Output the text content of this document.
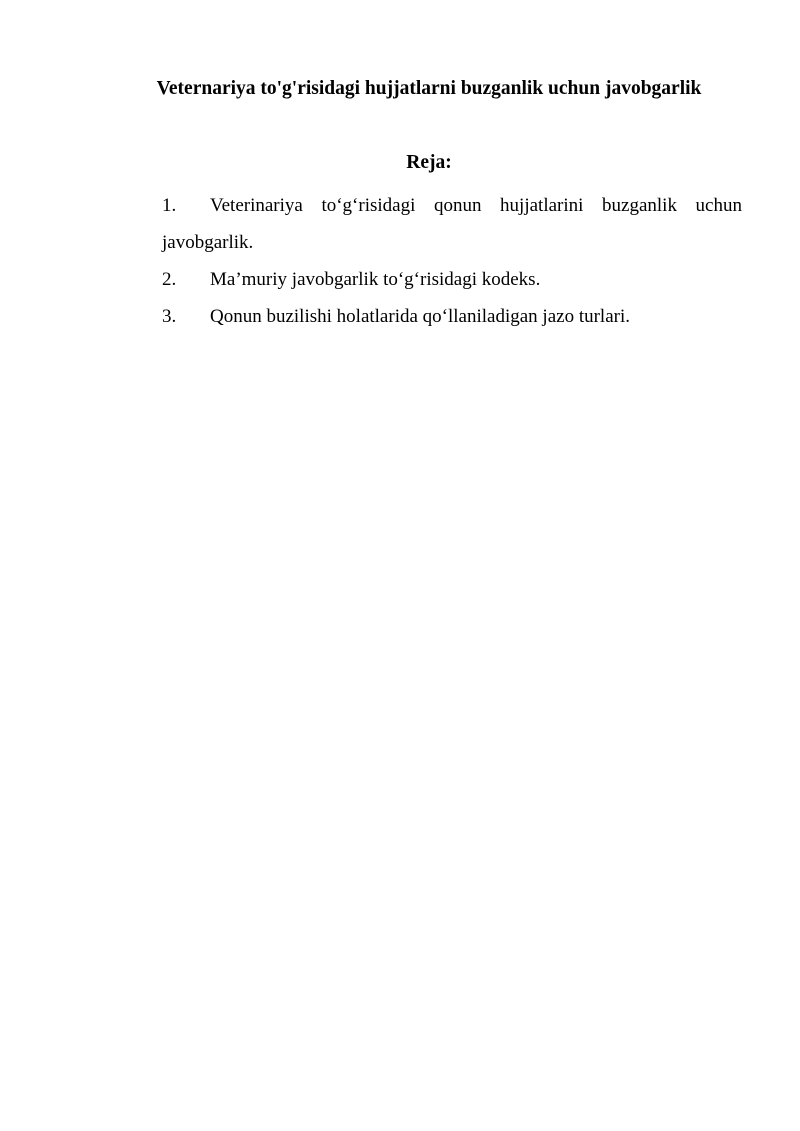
Veternariya to'g'risidagi hujjatlarni buzganlik uchun javobgarlik
Reja:
1. Veterinariya to‘g‘risidagi qonun hujjatlarini buzganlik uchun
javobgarlik.
2. Ma’muriy javobgarlik to‘g‘risidagi kodeks.
3. Qonun buzilishi holatlarida qo‘llaniladigan jazo turlari.
